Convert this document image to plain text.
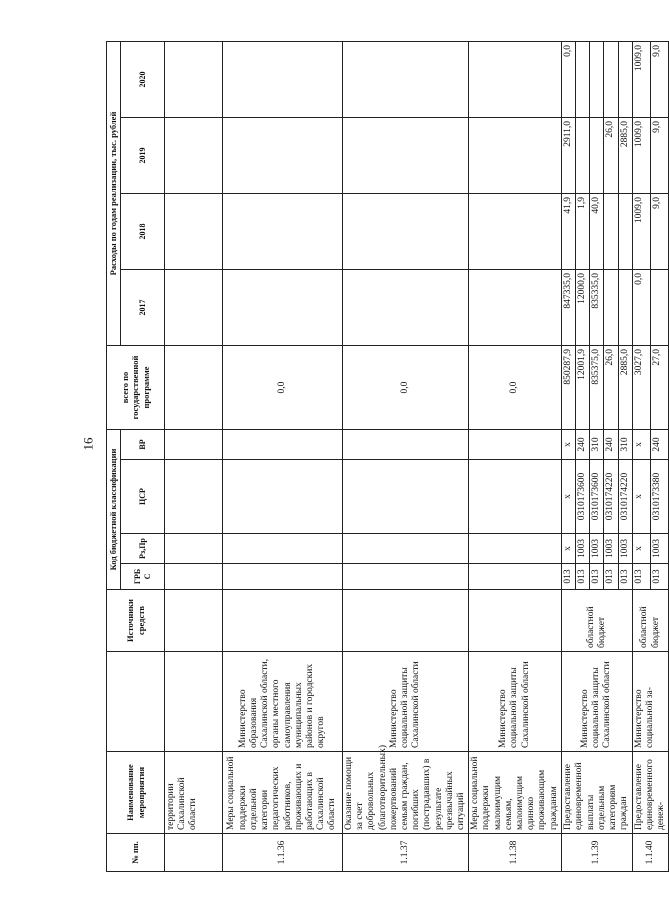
16
№ пп.	Наименование мероприятия		Источники средств	Код бюджетной классификации				всего по государственной программе	Расходы по годам реализации, тыс. рублей			
				ГРБ С	Рз,Пр	ЦСР	ВР		2017	2018	2019	2020
	территории Сахалинской области											
1.1.36	Меры социальной поддержки отдельной категории педагогических работников, проживающих и работающих в Сахалинской области	Министерство образования Сахалинской области, органы местного самоуправления муниципальных районов и городских округов						0,0				
1.1.37	Оказание помощи за счет добровольных (благотворительных) пожертвований семьям граждан, погибших (пострадавших) в результате чрезвычайных ситуаций	Министерство социальной защиты Сахалинской области						0,0				
1.1.38	Меры социальной поддержки малоимущим семьям, малоимущим одиноко проживающим гражданам	Министерство социальной защиты Сахалинской области						0,0				
1.1.39	Предоставление единовременной выплаты отдельным категориям граждан	Министерство социальной защиты Сахалинской области	областной бюджет	013	x	x	x	850287,9	847335,0	41,9	2911,0	0,0
				013	1003	0310173600	240	12001,9	12000,0	1,9		
				013	1003	0310173600	310	835375,0	835335,0	40,0		
				013	1003	0310174220	240	26,0			26,0	
				013	1003	0310174220	310	2885,0			2885,0	
1.1.40	Предоставление единовременного денеж-	Министерство социальной за-	областной бюджет	013	x	x	x	3027,0	0,0	1009,0	1009,0	1009,0
				013	1003	0310173380	240	27,0		9,0	9,0	9,0
